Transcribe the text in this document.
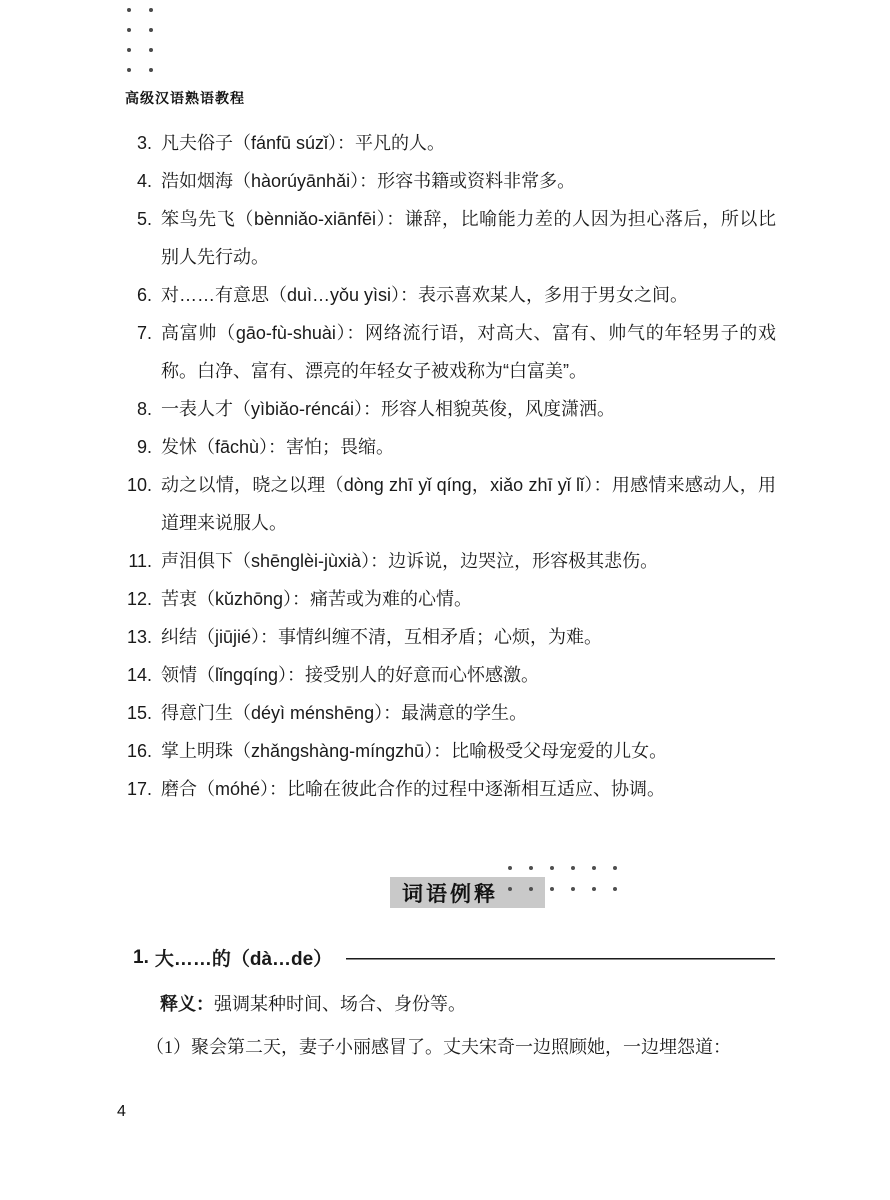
高级汉语熟语教程
3. 凡夫俗子（fánfū súzǐ）：平凡的人。
4. 浩如烟海（hàorúyānhǎi）：形容书籍或资料非常多。
5. 笨鸟先飞（bènniǎo-xiānfēi）：谦辞，比喻能力差的人因为担心落后，所以比别人先行动。
6. 对……有意思（duì…yǒu yìsi）：表示喜欢某人，多用于男女之间。
7. 高富帅（gāo-fù-shuài）：网络流行语，对高大、富有、帅气的年轻男子的戏称。白净、富有、漂亮的年轻女子被戏称为“白富美”。
8. 一表人才（yìbiǎo-réncái）：形容人相貌英俊，风度潇洒。
9. 发怵（fāchù）：害怕；畏缩。
10. 动之以情，晓之以理（dòng zhī yǐ qíng，xiǎo zhī yǐ lǐ）：用感情来感动人，用道理来说服人。
11. 声泪俱下（shēnglèi-jùxià）：边诉说，边哭泣，形容极其悲伤。
12. 苦衷（kǔzhōng）：痛苦或为难的心情。
13. 纠结（jiūjié）：事情纠缠不清，互相矛盾；心烦，为难。
14. 领情（lǐngqíng）：接受别人的好意而心怀感激。
15. 得意门生（déyì ménshēng）：最满意的学生。
16. 掌上明珠（zhǎngshàng-míngzhū）：比喻极受父母宠爱的儿女。
17. 磨合（móhé）：比喻在彼此合作的过程中逐渐相互适应、协调。
词语例释
1. 大……的 （dà…de）
释义：强调某种时间、场合、身份等。
（1）聚会第二天，妻子小丽感冒了。丈夫宋奇一边照顾她，一边埋怨道：
4
